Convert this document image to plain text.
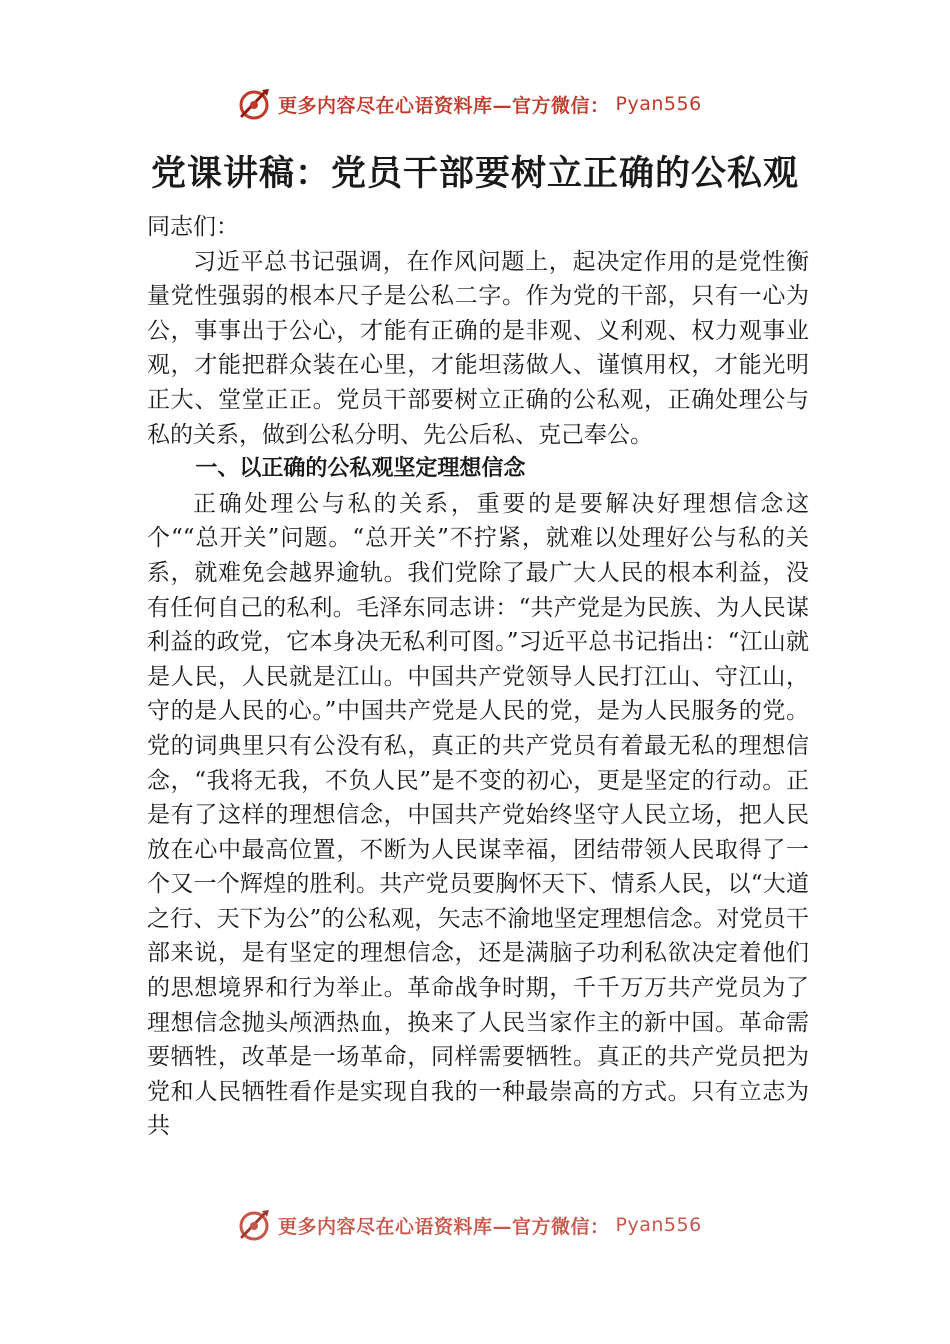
更多内容尽在心语资料库—官方微信： Pyan556
党课讲稿：党员干部要树立正确的公私观

同志们：

习近平总书记强调，在作风问题上，起决定作用的是党性衡量党性强弱的根本尺子是公私二字。作为党的干部，只有一心为公，事事出于公心，才能有正确的是非观、义利观、权力观事业观，才能把群众装在心里，才能坦荡做人、谨慎用权，才能光明正大、堂堂正正。党员干部要树立正确的公私观，正确处理公与私的关系，做到公私分明、先公后私、克己奉公。

一、以正确的公私观坚定理想信念

正确处理公与私的关系，重要的是要解决好理想信念这个““总开关”问题。“总开关”不拧紧，就难以处理好公与私的关系，就难免会越界逾轨。我们党除了最广大人民的根本利益，没有任何自己的私利。毛泽东同志讲：“共产党是为民族、为人民谋利益的政党，它本身决无私利可图。”习近平总书记指出：“江山就是人民，人民就是江山。中国共产党领导人民打江山、守江山，守的是人民的心。”中国共产党是人民的党，是为人民服务的党。党的词典里只有公没有私，真正的共产党员有着最无私的理想信念，“我将无我，不负人民”是不变的初心，更是坚定的行动。正是有了这样的理想信念，中国共产党始终坚守人民立场，把人民放在心中最高位置，不断为人民谋幸福，团结带领人民取得了一个又一个辉煌的胜利。共产党员要胸怀天下、情系人民，以“大道之行、天下为公”的公私观，矢志不渝地坚定理想信念。对党员干部来说，是有坚定的理想信念，还是满脑子功利私欲决定着他们的思想境界和行为举止。革命战争时期，千千万万共产党员为了理想信念抛头颅洒热血，换来了人民当家作主的新中国。革命需要牺牲，改革是一场革命，同样需要牺牲。真正的共产党员把为党和人民牺牲看作是实现自我的一种最崇高的方式。只有立志为共

更多内容尽在心语资料库—官方微信： Pyan556
